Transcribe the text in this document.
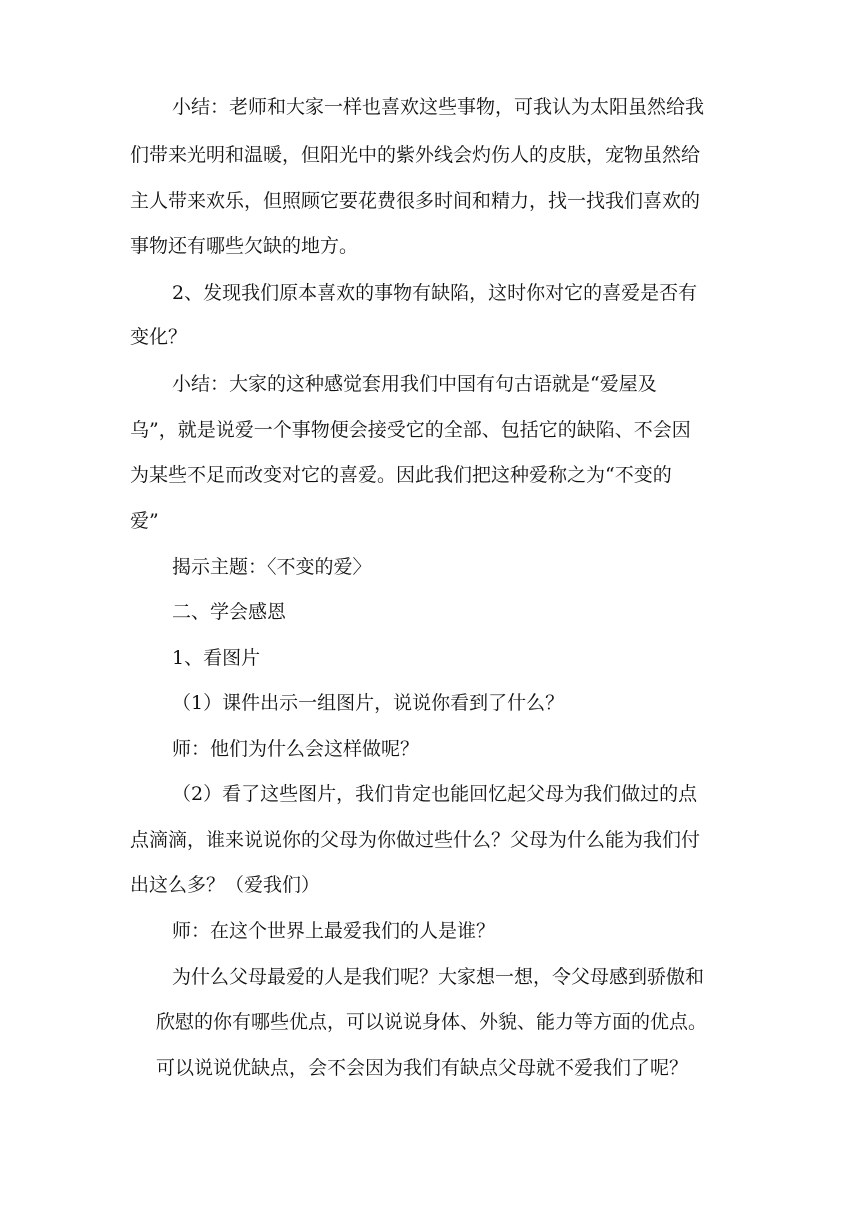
小结：老师和大家一样也喜欢这些事物，可我认为太阳虽然给我
们带来光明和温暖，但阳光中的紫外线会灼伤人的皮肤，宠物虽然给
主人带来欢乐，但照顾它要花费很多时间和精力，找一找我们喜欢的
事物还有哪些欠缺的地方。
2、发现我们原本喜欢的事物有缺陷，这时你对它的喜爱是否有
变化？
小结：大家的这种感觉套用我们中国有句古语就是“爱屋及
乌”，就是说爱一个事物便会接受它的全部、包括它的缺陷、不会因
为某些不足而改变对它的喜爱。因此我们把这种爱称之为“不变的
爱”
揭示主题：〈不变的爱〉
二、学会感恩
1、看图片
（1）课件出示一组图片，说说你看到了什么？
师：他们为什么会这样做呢？
（2）看了这些图片，我们肯定也能回忆起父母为我们做过的点
点滴滴，谁来说说你的父母为你做过些什么？父母为什么能为我们付
出这么多？（爱我们）
师：在这个世界上最爱我们的人是谁？
为什么父母最爱的人是我们呢？大家想一想，令父母感到骄傲和
欣慰的你有哪些优点，可以说说身体、外貌、能力等方面的优点。
可以说说优缺点，会不会因为我们有缺点父母就不爱我们了呢？
